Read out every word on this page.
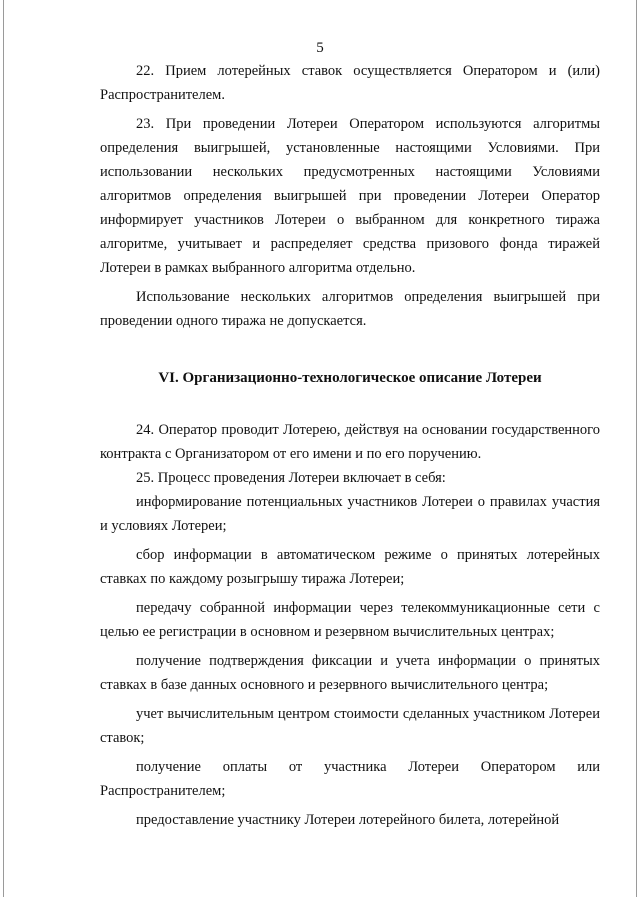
5

22. Прием лотерейных ставок осуществляется Оператором и (или) Распространителем.

23. При проведении Лотереи Оператором используются алгоритмы определения выигрышей, установленные настоящими Условиями. При использовании нескольких предусмотренных настоящими Условиями алгоритмов определения выигрышей при проведении Лотереи Оператор информирует участников Лотереи о выбранном для конкретного тиража алгоритме, учитывает и распределяет средства призового фонда тиражей Лотереи в рамках выбранного алгоритма отдельно.

Использование нескольких алгоритмов определения выигрышей при проведении одного тиража не допускается.

VI. Организационно-технологическое описание Лотереи

24. Оператор проводит Лотерею, действуя на основании государственного контракта с Организатором от его имени и по его поручению.

25. Процесс проведения Лотереи включает в себя:

информирование потенциальных участников Лотереи о правилах участия и условиях Лотереи;

сбор информации в автоматическом режиме о принятых лотерейных ставках по каждому розыгрышу тиража Лотереи;

передачу собранной информации через телекоммуникационные сети с целью ее регистрации в основном и резервном вычислительных центрах;

получение подтверждения фиксации и учета информации о принятых ставках в базе данных основного и резервного вычислительного центра;

учет вычислительным центром стоимости сделанных участником Лотереи ставок;

получение оплаты от участника Лотереи Оператором или Распространителем;

предоставление участнику Лотереи лотерейного билета, лотерейной
